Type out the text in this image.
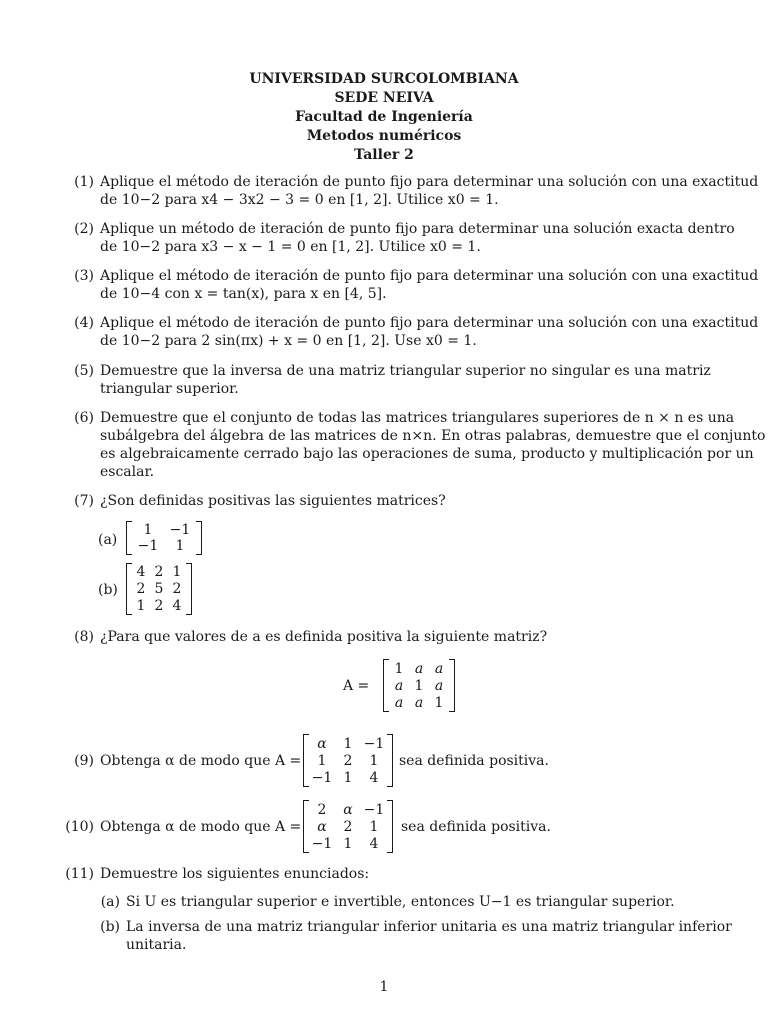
UNIVERSIDAD SURCOLOMBIANA
SEDE NEIVA
Facultad de Ingeniería
Metodos numéricos
Taller 2
(1) Aplique el método de iteración de punto fijo para determinar una solución con una exactitud
de 10−2 para x4 − 3x2 − 3 = 0 en [1, 2]. Utilice x0 = 1.
(2) Aplique un método de iteración de punto fijo para determinar una solución exacta dentro
de 10−2 para x3 − x − 1 = 0 en [1, 2]. Utilice x0 = 1.
(3) Aplique el método de iteración de punto fijo para determinar una solución con una exactitud
de 10−4 con x = tan(x), para x en [4, 5].
(4) Aplique el método de iteración de punto fijo para determinar una solución con una exactitud
de 10−2 para 2 sin(πx) + x = 0 en [1, 2]. Use x0 = 1.
(5) Demuestre que la inversa de una matriz triangular superior no singular es una matriz
triangular superior.
(6) Demuestre que el conjunto de todas las matrices triangulares superiores de n × n es una
subálgebra del álgebra de las matrices de n×n. En otras palabras, demuestre que el conjunto
es algebraicamente cerrado bajo las operaciones de suma, producto y multiplicación por un
escalar.
(7) ¿Son definidas positivas las siguientes matrices?
(a)
1	−1
−1	1
(b)
4 2 1
2 5 2
1 2 4
(8) ¿Para que valores de a es definida positiva la siguiente matriz?
A =
1 a a
a 1 a
a a 1
(9) Obtenga α de modo que A =
α	1 −1
1	2	1
−1 1	4
sea definida positiva.
(10) Obtenga α de modo que A =
2	α −1
α	2	1
−1 1	4
sea definida positiva.
(11) Demuestre los siguientes enunciados:
(a) Si U es triangular superior e invertible, entonces U−1 es triangular superior.
(b) La inversa de una matriz triangular inferior unitaria es una matriz triangular inferior
unitaria.
1
